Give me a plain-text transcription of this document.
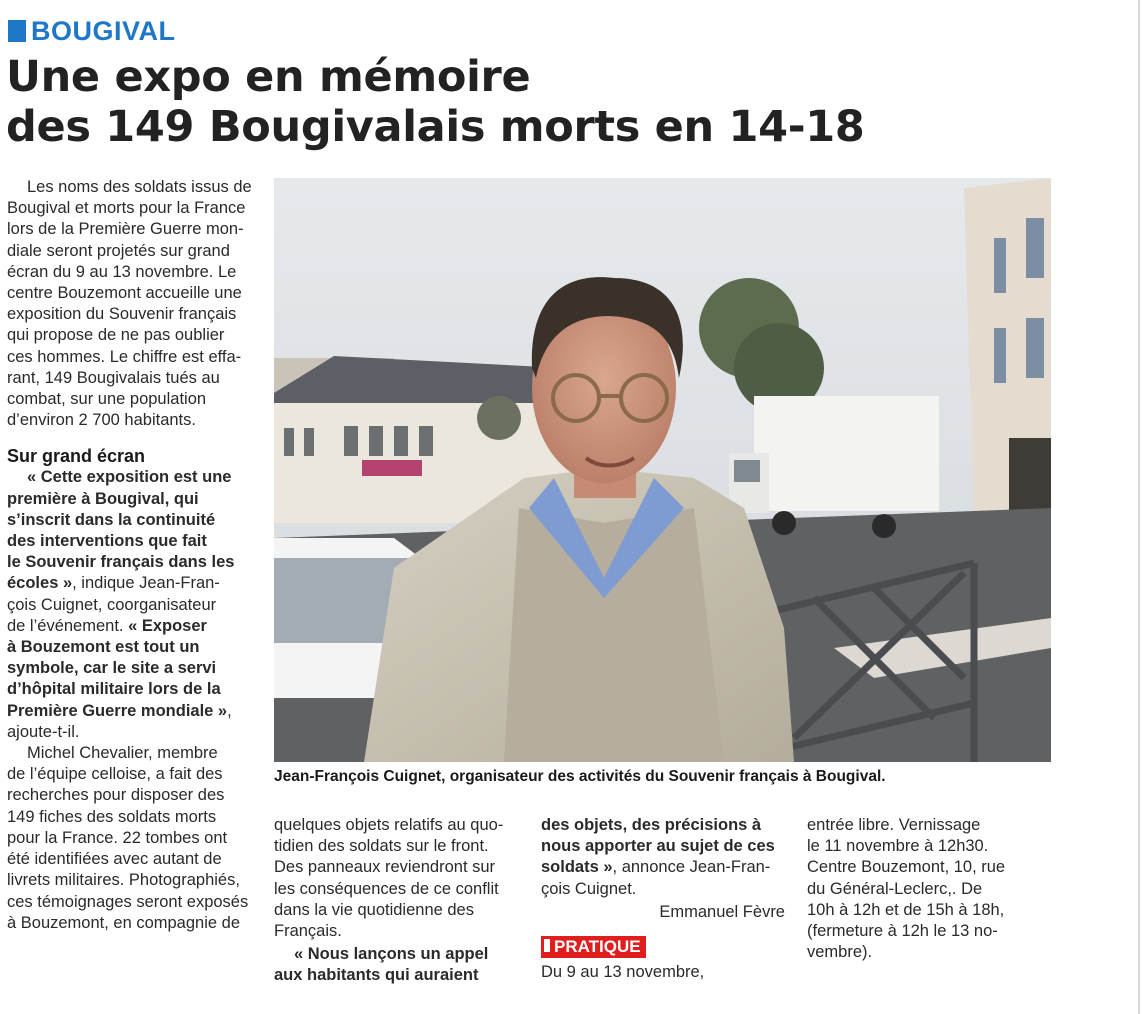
BOUGIVAL
Une expo en mémoire
des 149 Bougivalais morts en 14-18

Les noms des soldats issus de
Bougival et morts pour la France
lors de la Première Guerre mon-
diale seront projetés sur grand
écran du 9 au 13 novembre. Le
centre Bouzemont accueille une
exposition du Souvenir français
qui propose de ne pas oublier
ces hommes. Le chiffre est effa-
rant, 149 Bougivalais tués au
combat, sur une population
d’environ 2 700 habitants.

Sur grand écran

« Cette exposition est une
première à Bougival, qui
s’inscrit dans la continuité
des interventions que fait
le Souvenir français dans les
écoles », indique Jean-Fran-
çois Cuignet, coorganisateur
de l’événement. « Exposer
à Bouzemont est tout un
symbole, car le site a servi
d’hôpital militaire lors de la
Première Guerre mondiale »,
ajoute-t-il.

Michel Chevalier, membre
de l’équipe celloise, a fait des
recherches pour disposer des
149 fiches des soldats morts
pour la France. 22 tombes ont
été identifiées avec autant de
livrets militaires. Photographiés,
ces témoignages seront exposés
à Bouzemont, en compagnie de

Jean-François Cuignet, organisateur des activités du Souvenir français à Bougival.

quelques objets relatifs au quo-
tidien des soldats sur le front.
Des panneaux reviendront sur
les conséquences de ce conflit
dans la vie quotidienne des
Français.

« Nous lançons un appel
aux habitants qui auraient

des objets, des précisions à
nous apporter au sujet de ces
soldats », annonce Jean-Fran-
çois Cuignet.

Emmanuel Fèvre
PRATIQUE
Du 9 au 13 novembre,

entrée libre. Vernissage
le 11 novembre à 12h30.
Centre Bouzemont, 10, rue
du Général-Leclerc,. De
10h à 12h et de 15h à 18h,
(fermeture à 12h le 13 no-
vembre).
